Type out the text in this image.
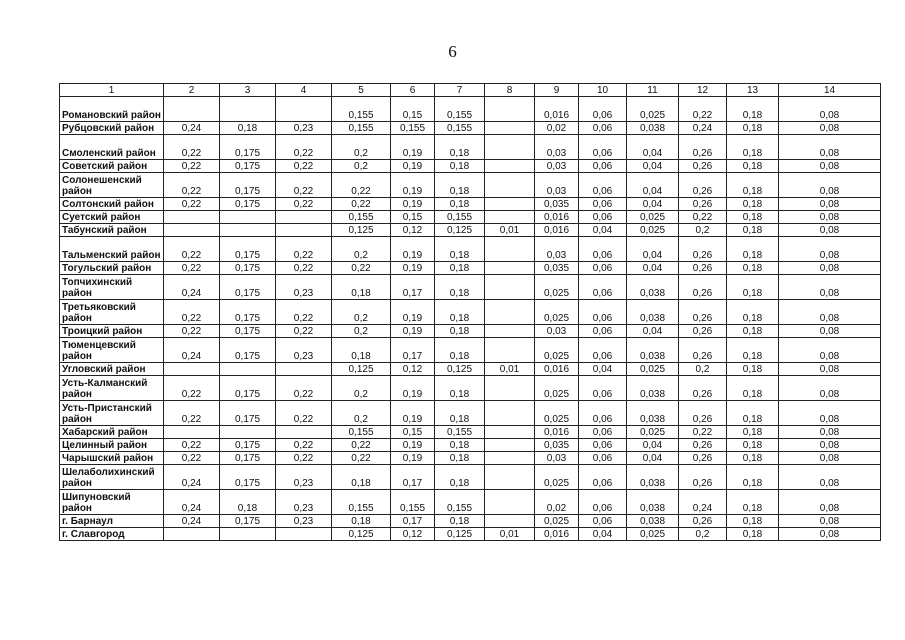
6
1	2	3	4	5	6	7	8	9	10	11	12	13	14
Романовский район				0,155	0,15	0,155		0,016	0,06	0,025	0,22	0,18	0,08
Рубцовский район	0,24	0,18	0,23	0,155	0,155	0,155		0,02	0,06	0,038	0,24	0,18	0,08
Смоленский район	0,22	0,175	0,22	0,2	0,19	0,18		0,03	0,06	0,04	0,26	0,18	0,08
Советский район	0,22	0,175	0,22	0,2	0,19	0,18		0,03	0,06	0,04	0,26	0,18	0,08
Солонешенский район	0,22	0,175	0,22	0,22	0,19	0,18		0,03	0,06	0,04	0,26	0,18	0,08
Солтонский район	0,22	0,175	0,22	0,22	0,19	0,18		0,035	0,06	0,04	0,26	0,18	0,08
Суетский район				0,155	0,15	0,155		0,016	0,06	0,025	0,22	0,18	0,08
Табунский район				0,125	0,12	0,125	0,01	0,016	0,04	0,025	0,2	0,18	0,08
Тальменский район	0,22	0,175	0,22	0,2	0,19	0,18		0,03	0,06	0,04	0,26	0,18	0,08
Тогульский район	0,22	0,175	0,22	0,22	0,19	0,18		0,035	0,06	0,04	0,26	0,18	0,08
Топчихинский район	0,24	0,175	0,23	0,18	0,17	0,18		0,025	0,06	0,038	0,26	0,18	0,08
Третьяковский район	0,22	0,175	0,22	0,2	0,19	0,18		0,025	0,06	0,038	0,26	0,18	0,08
Троицкий район	0,22	0,175	0,22	0,2	0,19	0,18		0,03	0,06	0,04	0,26	0,18	0,08
Тюменцевский район	0,24	0,175	0,23	0,18	0,17	0,18		0,025	0,06	0,038	0,26	0,18	0,08
Угловский район				0,125	0,12	0,125	0,01	0,016	0,04	0,025	0,2	0,18	0,08
Усть-Калманский район	0,22	0,175	0,22	0,2	0,19	0,18		0,025	0,06	0,038	0,26	0,18	0,08
Усть-Пристанский район	0,22	0,175	0,22	0,2	0,19	0,18		0,025	0,06	0,038	0,26	0,18	0,08
Хабарский район				0,155	0,15	0,155		0,016	0,06	0,025	0,22	0,18	0,08
Целинный район	0,22	0,175	0,22	0,22	0,19	0,18		0,035	0,06	0,04	0,26	0,18	0,08
Чарышский район	0,22	0,175	0,22	0,22	0,19	0,18		0,03	0,06	0,04	0,26	0,18	0,08
Шелаболихинский район	0,24	0,175	0,23	0,18	0,17	0,18		0,025	0,06	0,038	0,26	0,18	0,08
Шипуновский район	0,24	0,18	0,23	0,155	0,155	0,155		0,02	0,06	0,038	0,24	0,18	0,08
г. Барнаул	0,24	0,175	0,23	0,18	0,17	0,18		0,025	0,06	0,038	0,26	0,18	0,08
г. Славгород				0,125	0,12	0,125	0,01	0,016	0,04	0,025	0,2	0,18	0,08
